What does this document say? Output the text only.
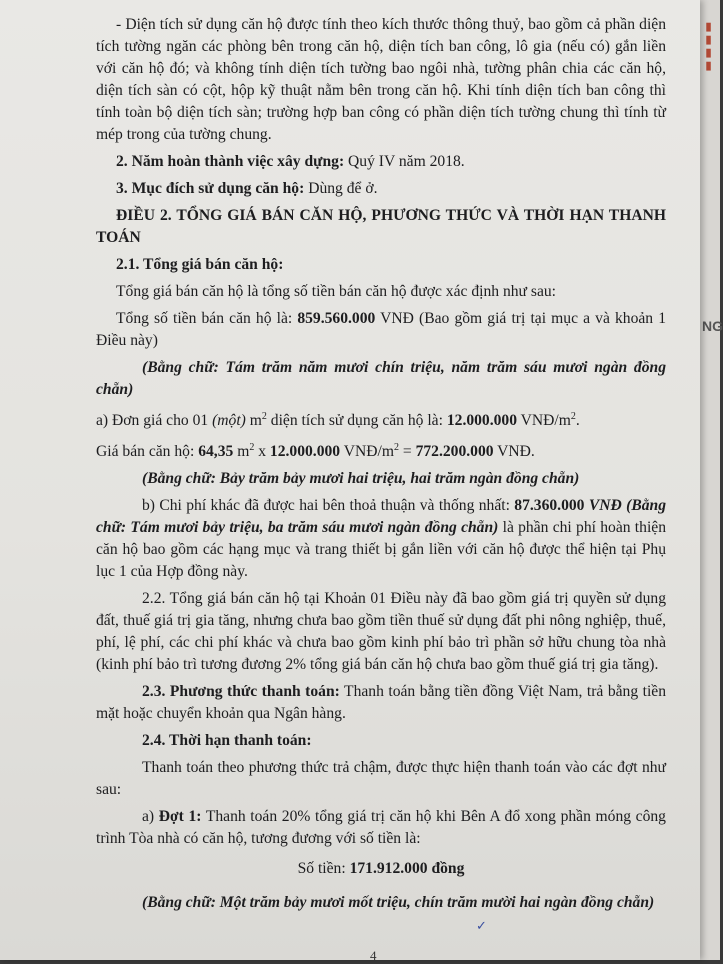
▮▮▮▮
NG

- Diện tích sử dụng căn hộ được tính theo kích thước thông thuỷ, bao gồm cả phần diện tích tường ngăn các phòng bên trong căn hộ, diện tích ban công, lô gia (nếu có) gắn liền với căn hộ đó; và không tính diện tích tường bao ngôi nhà, tường phân chia các căn hộ, diện tích sàn có cột, hộp kỹ thuật nằm bên trong căn hộ. Khi tính diện tích ban công thì tính toàn bộ diện tích sàn; trường hợp ban công có phần diện tích tường chung thì tính từ mép trong của tường chung.

2. Năm hoàn thành việc xây dựng: Quý IV năm 2018.

3. Mục đích sử dụng căn hộ: Dùng để ở.

ĐIỀU 2. TỔNG GIÁ BÁN CĂN HỘ, PHƯƠNG THỨC VÀ THỜI HẠN THANH TOÁN

2.1. Tổng giá bán căn hộ:

Tổng giá bán căn hộ là tổng số tiền bán căn hộ được xác định như sau:

Tổng số tiền bán căn hộ là: 859.560.000 VNĐ (Bao gồm giá trị tại mục a và khoản 1 Điều này)

(Bằng chữ: Tám trăm năm mươi chín triệu, năm trăm sáu mươi ngàn đồng chẵn)

a) Đơn giá cho 01 (một) $m^2$ diện tích sử dụng căn hộ là: 12.000.000 VNĐ/$m^2$.

Giá bán căn hộ: 64,35 $m^2$ x 12.000.000 VNĐ/$m^2 = 772.200.000$ VNĐ.

(Bằng chữ: Bảy trăm bảy mươi hai triệu, hai trăm ngàn đồng chẵn)

b) Chi phí khác đã được hai bên thoả thuận và thống nhất: 87.360.000 VNĐ (Bằng chữ: Tám mươi bảy triệu, ba trăm sáu mươi ngàn đồng chẵn) là phần chi phí hoàn thiện căn hộ bao gồm các hạng mục và trang thiết bị gắn liền với căn hộ được thể hiện tại Phụ lục 1 của Hợp đồng này.

2.2. Tổng giá bán căn hộ tại Khoản 01 Điều này đã bao gồm giá trị quyền sử dụng đất, thuế giá trị gia tăng, nhưng chưa bao gồm tiền thuế sử dụng đất phi nông nghiệp, thuế, phí, lệ phí, các chi phí khác và chưa bao gồm kinh phí bảo trì phần sở hữu chung tòa nhà (kinh phí bảo trì tương đương 2% tổng giá bán căn hộ chưa bao gồm thuế giá trị gia tăng).

2.3. Phương thức thanh toán: Thanh toán bằng tiền đồng Việt Nam, trả bằng tiền mặt hoặc chuyển khoản qua Ngân hàng.

2.4. Thời hạn thanh toán:

Thanh toán theo phương thức trả chậm, được thực hiện thanh toán vào các đợt như sau:

a) Đợt 1: Thanh toán 20% tổng giá trị căn hộ khi Bên A đổ xong phần móng công trình Tòa nhà có căn hộ, tương đương với số tiền là:

Số tiền: 171.912.000 đồng

(Bằng chữ: Một trăm bảy mươi mốt triệu, chín trăm mười hai ngàn đồng chẵn)

✓
4
